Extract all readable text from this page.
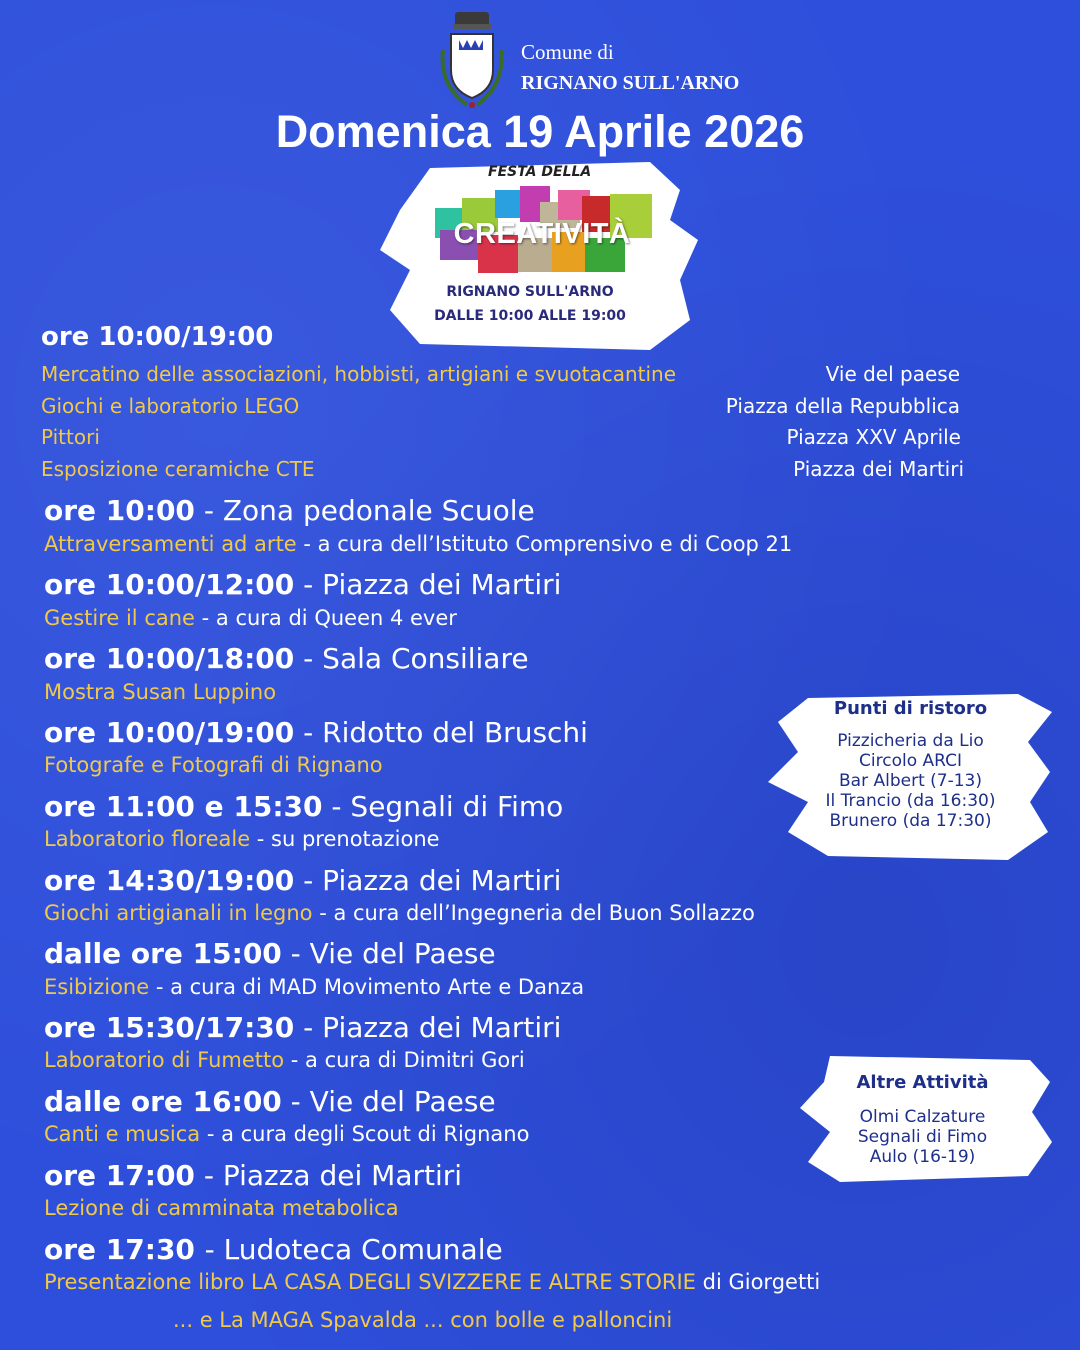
Comune di
RIGNANO SULL'ARNO
Domenica 19 Aprile 2026
FESTA DELLA
CREATIVITÀ
RIGNANO SULL'ARNO
DALLE 10:00 ALLE 19:00
ore 10:00/19:00
Mercatino delle associazioni, hobbisti, artigiani e svuotacantine	Vie del paese
Giochi e laboratorio LEGO	Piazza della Repubblica
Pittori	Piazza XXV Aprile
Esposizione ceramiche CTE	Piazza dei Martiri
ore 10:00 - Zona pedonale Scuole
Attraversamenti ad arte - a cura dell’Istituto Comprensivo e di Coop 21
ore 10:00/12:00 - Piazza dei Martiri
Gestire il cane - a cura di Queen 4 ever
ore 10:00/18:00 - Sala Consiliare
Mostra Susan Luppino
ore 10:00/19:00 - Ridotto del Bruschi
Fotografe e Fotografi di Rignano
ore 11:00 e 15:30 - Segnali di Fimo
Laboratorio floreale - su prenotazione
ore 14:30/19:00 - Piazza dei Martiri
Giochi artigianali in legno - a cura dell’Ingegneria del Buon Sollazzo
dalle ore 15:00 - Vie del Paese
Esibizione - a cura di MAD Movimento Arte e Danza
ore 15:30/17:30 - Piazza dei Martiri
Laboratorio di Fumetto - a cura di Dimitri Gori
dalle ore 16:00 - Vie del Paese
Canti e musica - a cura degli Scout di Rignano
ore 17:00 - Piazza dei Martiri
Lezione di camminata metabolica
ore 17:30 - Ludoteca Comunale
Presentazione libro LA CASA DEGLI SVIZZERE E ALTRE STORIE di Giorgetti
... e La MAGA Spavalda ... con bolle e palloncini
Punti di ristoro
Pizzicheria da Lio
Circolo ARCI
Bar Albert (7-13)
Il Trancio (da 16:30)
Brunero (da 17:30)
Altre Attività
Olmi Calzature
Segnali di Fimo
Aulo (16-19)
